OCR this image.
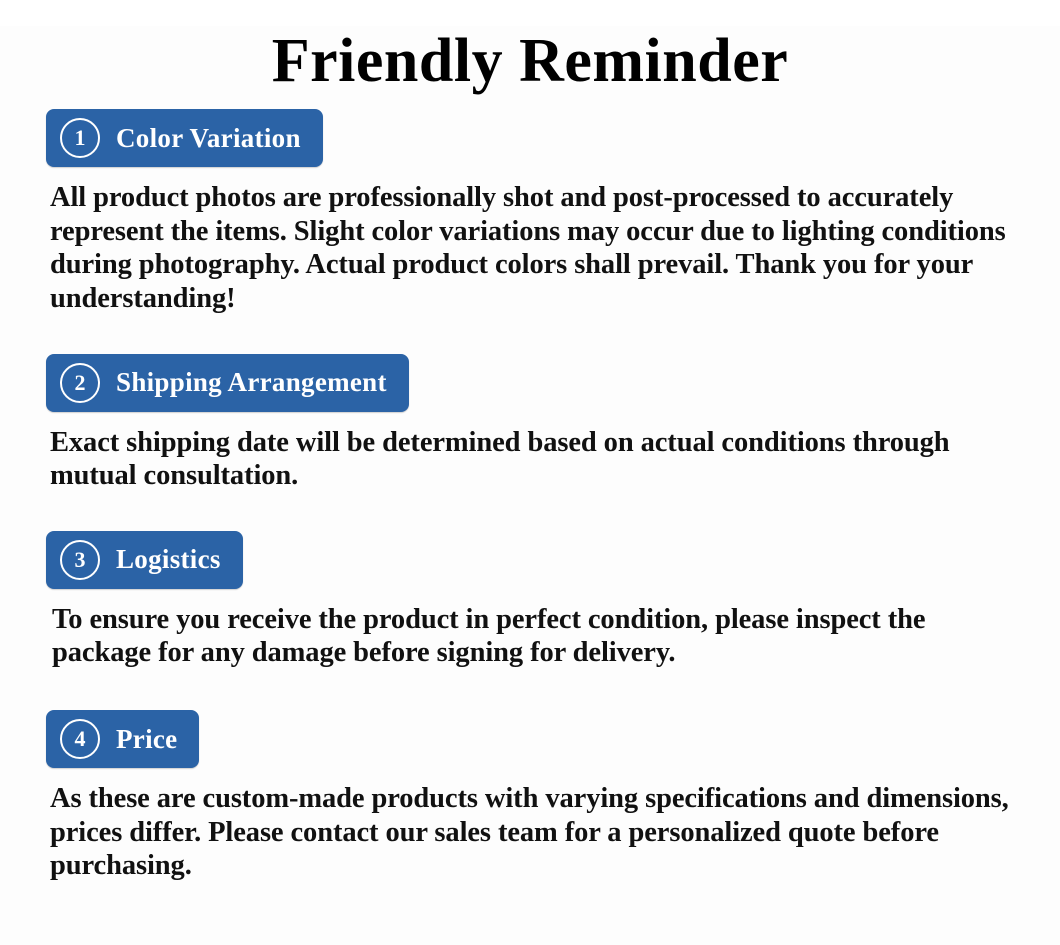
Friendly Reminder
1	Color Variation

All product photos are professionally shot and post-processed to accurately represent the items. Slight color variations may occur due to lighting conditions during photography. Actual product colors shall prevail. Thank you for your understanding!

2	Shipping Arrangement

Exact shipping date will be determined based on actual conditions through mutual consultation.

3	Logistics

To ensure you receive the product in perfect condition, please inspect the package for any damage before signing for delivery.

4	Price

As these are custom-made products with varying specifications and dimensions, prices differ. Please contact our sales team for a personalized quote before purchasing.
